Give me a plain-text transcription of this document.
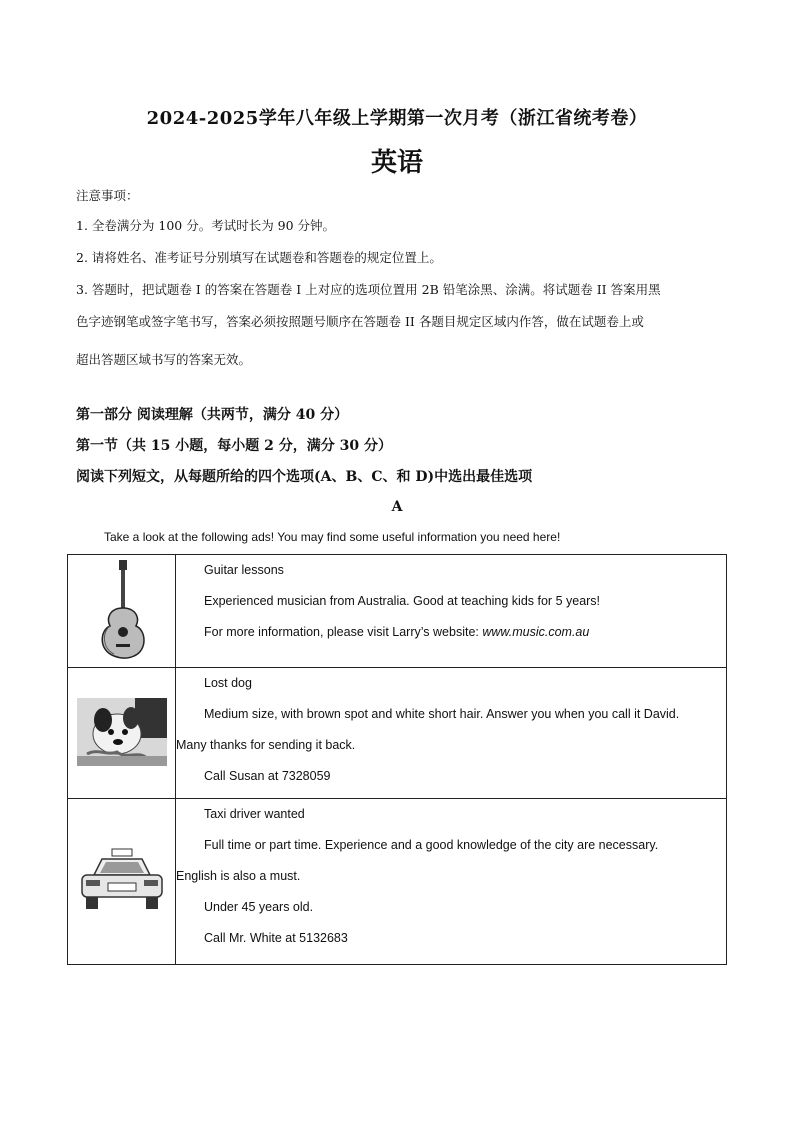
2024-2025学年八年级上学期第一次月考（浙江省统考卷）
英语
注意事项：

1. 全卷满分为 100 分。考试时长为 90 分钟。

2. 请将姓名、准考证号分别填写在试题卷和答题卷的规定位置上。

3. 答题时，把试题卷 I 的答案在答题卷 I 上对应的选项位置用 2B 铅笔涂黑、涂满。将试题卷 II 答案用黑

色字迹钢笔或签字笔书写，答案必须按照题号顺序在答题卷 II 各题目规定区域内作答，做在试题卷上或

超出答题区域书写的答案无效。

第一部分 阅读理解（共两节，满分 40 分）
第一节（共 15 小题，每小题 2 分，满分 30 分）
阅读下列短文，从每题所给的四个选项(A、B、C、和 D)中选出最佳选项
A
Take a look at the following ads! You may find some useful information you need here!

Guitar lessons

Experienced musician from Australia. Good at teaching kids for 5 years!

For more information, please visit Larry’s website: www.music.com.au

Lost dog

Medium size, with brown spot and white short hair. Answer you when you call it David.

Many thanks for sending it back.

Call Susan at 7328059

Taxi driver wanted

Full time or part time. Experience and a good knowledge of the city are necessary.

English is also a must.

Under 45 years old.

Call Mr. White at 5132683
